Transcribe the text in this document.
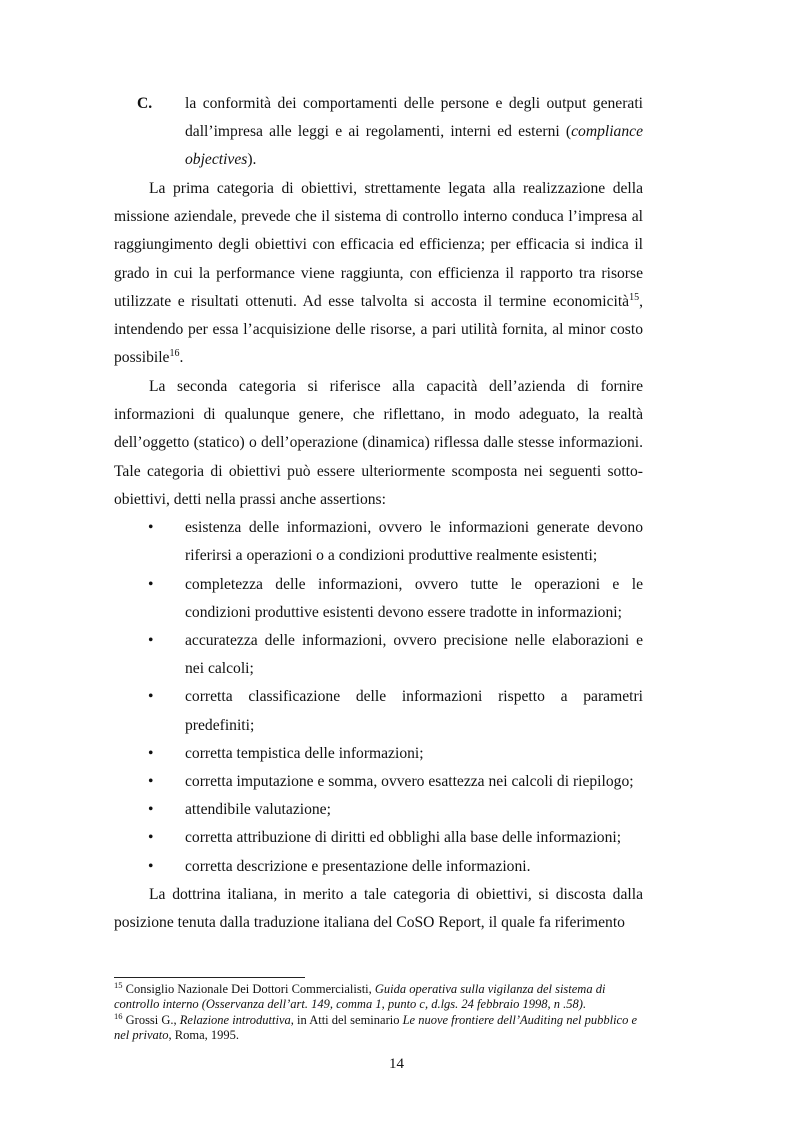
C. la conformità dei comportamenti delle persone e degli output generati dall’impresa alle leggi e ai regolamenti, interni ed esterni (compliance objectives).

La prima categoria di obiettivi, strettamente legata alla realizzazione della missione aziendale, prevede che il sistema di controllo interno conduca l’impresa al raggiungimento degli obiettivi con efficacia ed efficienza; per efficacia si indica il grado in cui la performance viene raggiunta, con efficienza il rapporto tra risorse utilizzate e risultati ottenuti. Ad esse talvolta si accosta il termine economicità$^{15}$, intendendo per essa l’acquisizione delle risorse, a pari utilità fornita, al minor costo possibile$^{16}$.

La seconda categoria si riferisce alla capacità dell’azienda di fornire informazioni di qualunque genere, che riflettano, in modo adeguato, la realtà dell’oggetto (statico) o dell’operazione (dinamica) riflessa dalle stesse informazioni. Tale categoria di obiettivi può essere ulteriormente scomposta nei seguenti sotto-obiettivi, detti nella prassi anche assertions:

• esistenza delle informazioni, ovvero le informazioni generate devono riferirsi a operazioni o a condizioni produttive realmente esistenti;
• completezza delle informazioni, ovvero tutte le operazioni e le condizioni produttive esistenti devono essere tradotte in informazioni;
• accuratezza delle informazioni, ovvero precisione nelle elaborazioni e nei calcoli;
• corretta classificazione delle informazioni rispetto a parametri predefiniti;
• corretta tempistica delle informazioni;
• corretta imputazione e somma, ovvero esattezza nei calcoli di riepilogo;
• attendibile valutazione;
• corretta attribuzione di diritti ed obblighi alla base delle informazioni;
• corretta descrizione e presentazione delle informazioni.

La dottrina italiana, in merito a tale categoria di obiettivi, si discosta dalla posizione tenuta dalla traduzione italiana del CoSO Report, il quale fa riferimento

$^{15}$ Consiglio Nazionale Dei Dottori Commercialisti, Guida operativa sulla vigilanza del sistema di controllo interno (Osservanza dell’art. 149, comma 1, punto c, d.lgs. 24 febbraio 1998, n .58).

$^{16}$ Grossi G., Relazione introduttiva, in Atti del seminario Le nuove frontiere dell’Auditing nel pubblico e nel privato, Roma, 1995.

14
